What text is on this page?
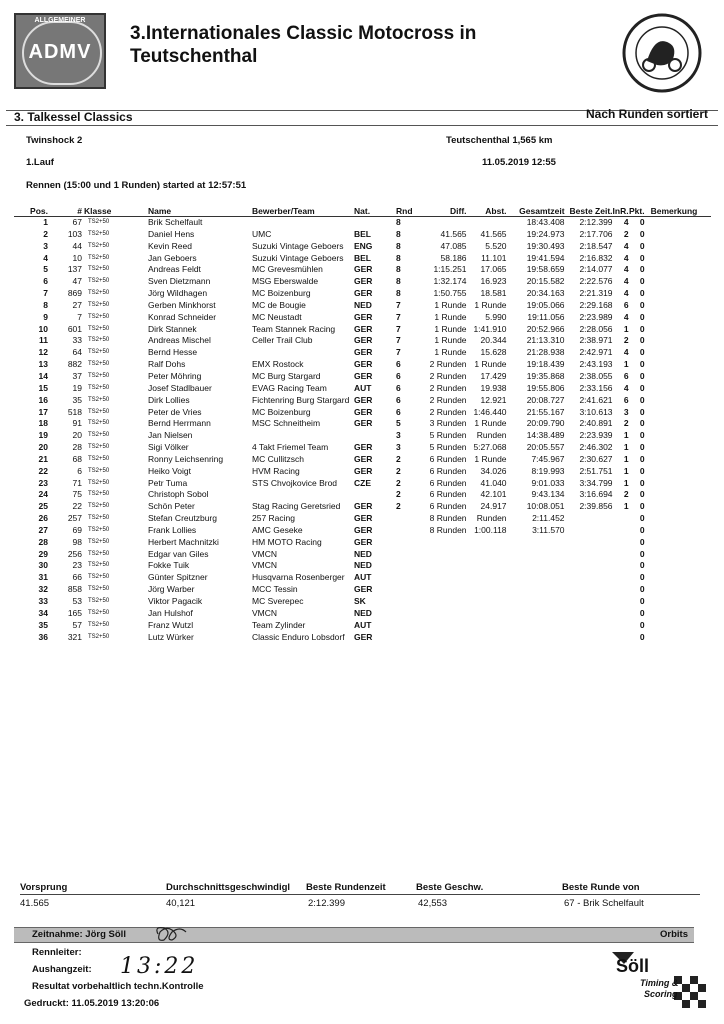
ALLGEMEINER
ADMV
3.Internationales Classic Motocross in
Teutschenthal
3. Talkessel Classics	Nach Runden sortiert
Twinshock 2	Teutschenthal 1,565 km
1.Lauf	11.05.2019 12:55
Rennen (15:00 und 1 Runden) started at 12:57:51
Pos.	#	Klasse	Name	Bewerber/Team	Nat.	Rnd	Diff.	Abst.	Gesamtzeit	Beste Zeit.	InR.	Pkt.	Bemerkung
1	67	TS2+50	Brik Schelfault			8			18:43.408	2:12.399	4	0	
2	103	TS2+50	Daniel Hens	UMC	BEL	8	41.565	41.565	19:24.973	2:17.706	2	0	
3	44	TS2+50	Kevin Reed	Suzuki Vintage Geboers	ENG	8	47.085	5.520	19:30.493	2:18.547	4	0	
4	10	TS2+50	Jan Geboers	Suzuki Vintage Geboers	BEL	8	58.186	11.101	19:41.594	2:16.832	4	0	
5	137	TS2+50	Andreas Feldt	MC Grevesmühlen	GER	8	1:15.251	17.065	19:58.659	2:14.077	4	0	
6	47	TS2+50	Sven Dietzmann	MSG Eberswalde	GER	8	1:32.174	16.923	20:15.582	2:22.576	4	0	
7	869	TS2+50	Jörg Wildhagen	MC Boizenburg	GER	8	1:50.755	18.581	20:34.163	2:21.319	4	0	
8	27	TS2+50	Gerben Minkhorst	MC de Bougie	NED	7	1 Runde	1 Runde	19:05.066	2:29.168	6	0	
9	7	TS2+50	Konrad Schneider	MC Neustadt	GER	7	1 Runde	5.990	19:11.056	2:23.989	4	0	
10	601	TS2+50	Dirk Stannek	Team Stannek Racing	GER	7	1 Runde	1:41.910	20:52.966	2:28.056	1	0	
11	33	TS2+50	Andreas Mischel	Celler Trail Club	GER	7	1 Runde	20.344	21:13.310	2:38.971	2	0	
12	64	TS2+50	Bernd Hesse		GER	7	1 Runde	15.628	21:28.938	2:42.971	4	0	
13	882	TS2+50	Ralf Dohs	EMX Rostock	GER	6	2 Runden	1 Runde	19:18.439	2:43.193	1	0	
14	37	TS2+50	Peter Möhring	MC Burg Stargard	GER	6	2 Runden	17.429	19:35.868	2:38.055	6	0	
15	19	TS2+50	Josef Stadlbauer	EVAG Racing Team	AUT	6	2 Runden	19.938	19:55.806	2:33.156	4	0	
16	35	TS2+50	Dirk Lollies	Fichtenring Burg Stargard	GER	6	2 Runden	12.921	20:08.727	2:41.621	6	0	
17	518	TS2+50	Peter de Vries	MC Boizenburg	GER	6	2 Runden	1:46.440	21:55.167	3:10.613	3	0	
18	91	TS2+50	Bernd Herrmann	MSC Schneitheim	GER	5	3 Runden	1 Runde	20:09.790	2:40.891	2	0	
19	20	TS2+50	Jan Nielsen			3	5 Runden	Runden	14:38.489	2:23.939	1	0	
20	28	TS2+50	Sigi Völker	4 Takt Friemel Team	GER	3	5 Runden	5:27.068	20:05.557	2:46.302	1	0	
21	68	TS2+50	Ronny Leichsenring	MC Cullitzsch	GER	2	6 Runden	1 Runde	7:45.967	2:30.627	1	0	
22	6	TS2+50	Heiko Voigt	HVM Racing	GER	2	6 Runden	34.026	8:19.993	2:51.751	1	0	
23	71	TS2+50	Petr Tuma	STS Chvojkovice Brod	CZE	2	6 Runden	41.040	9:01.033	3:34.799	1	0	
24	75	TS2+50	Christoph Sobol			2	6 Runden	42.101	9:43.134	3:16.694	2	0	
25	22	TS2+50	Schön Peter	Stag Racing Geretsried	GER	2	6 Runden	24.917	10:08.051	2:39.856	1	0	
26	257	TS2+50	Stefan Creutzburg	257 Racing	GER		8 Runden	Runden	2:11.452			0	
27	69	TS2+50	Frank Lollies	AMC Geseke	GER		8 Runden	1:00.118	3:11.570			0	
28	98	TS2+50	Herbert Machnitzki	HM MOTO Racing	GER							0	
29	256	TS2+50	Edgar van Giles	VMCN	NED							0	
30	23	TS2+50	Fokke Tuik	VMCN	NED							0	
31	66	TS2+50	Günter Spitzner	Husqvarna Rosenberger	AUT							0	
32	858	TS2+50	Jörg Warber	MCC Tessin	GER							0	
33	53	TS2+50	Viktor Pagacik	MC Sverepec	SK							0	
34	165	TS2+50	Jan Hulshof	VMCN	NED							0	
35	57	TS2+50	Franz Wutzl	Team Zylinder	AUT							0	
36	321	TS2+50	Lutz Würker	Classic Enduro Lobsdorf	GER							0	
Vorsprung	Durchschnittsgeschwindigl Beste Rundenzeit	Beste Geschw.	Beste Runde von
41.565	40,121	2:12.399	42,553	67 - Brik Schelfault
Zeitnahme: Jörg Söll	Orbits
Rennleiter:
Aushangzeit: 13:22
Resultat vorbehaltlich techn.Kontrolle
Gedruckt: 11.05.2019 13:20:06
Söll
Timing &
Scoring
